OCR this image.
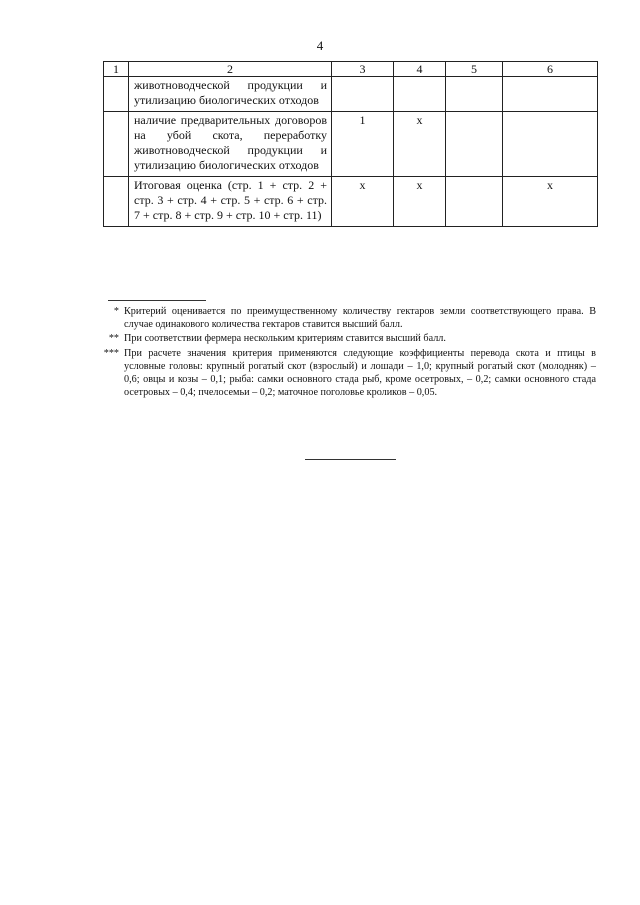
4
1	2	3	4	5	6
	животноводческой продукции и утилизацию биологических отходов				
	наличие предварительных договоров на убой скота, переработку животноводческой продукции и утилизацию биологических отходов	1	х		
	Итоговая оценка (стр. 1 + стр. 2 + стр. 3 + стр. 4 + стр. 5 + стр. 6 + стр. 7 + стр. 8 + стр. 9 + стр. 10 + стр. 11)	х	х		х
* Критерий оценивается по преимущественному количеству гектаров земли соответствующего права. В случае одинакового количества гектаров ставится высший балл.
** При соответствии фермера нескольким критериям ставится высший балл.
*** При расчете значения критерия применяются следующие коэффициенты перевода скота и птицы в условные головы: крупный рогатый скот (взрослый) и лошади – 1,0; крупный рогатый скот (молодняк) – 0,6; овцы и козы – 0,1; рыба: самки основного стада рыб, кроме осетровых, – 0,2; самки основного стада осетровых – 0,4; пчелосемьи – 0,2; маточное поголовье кроликов – 0,05.
